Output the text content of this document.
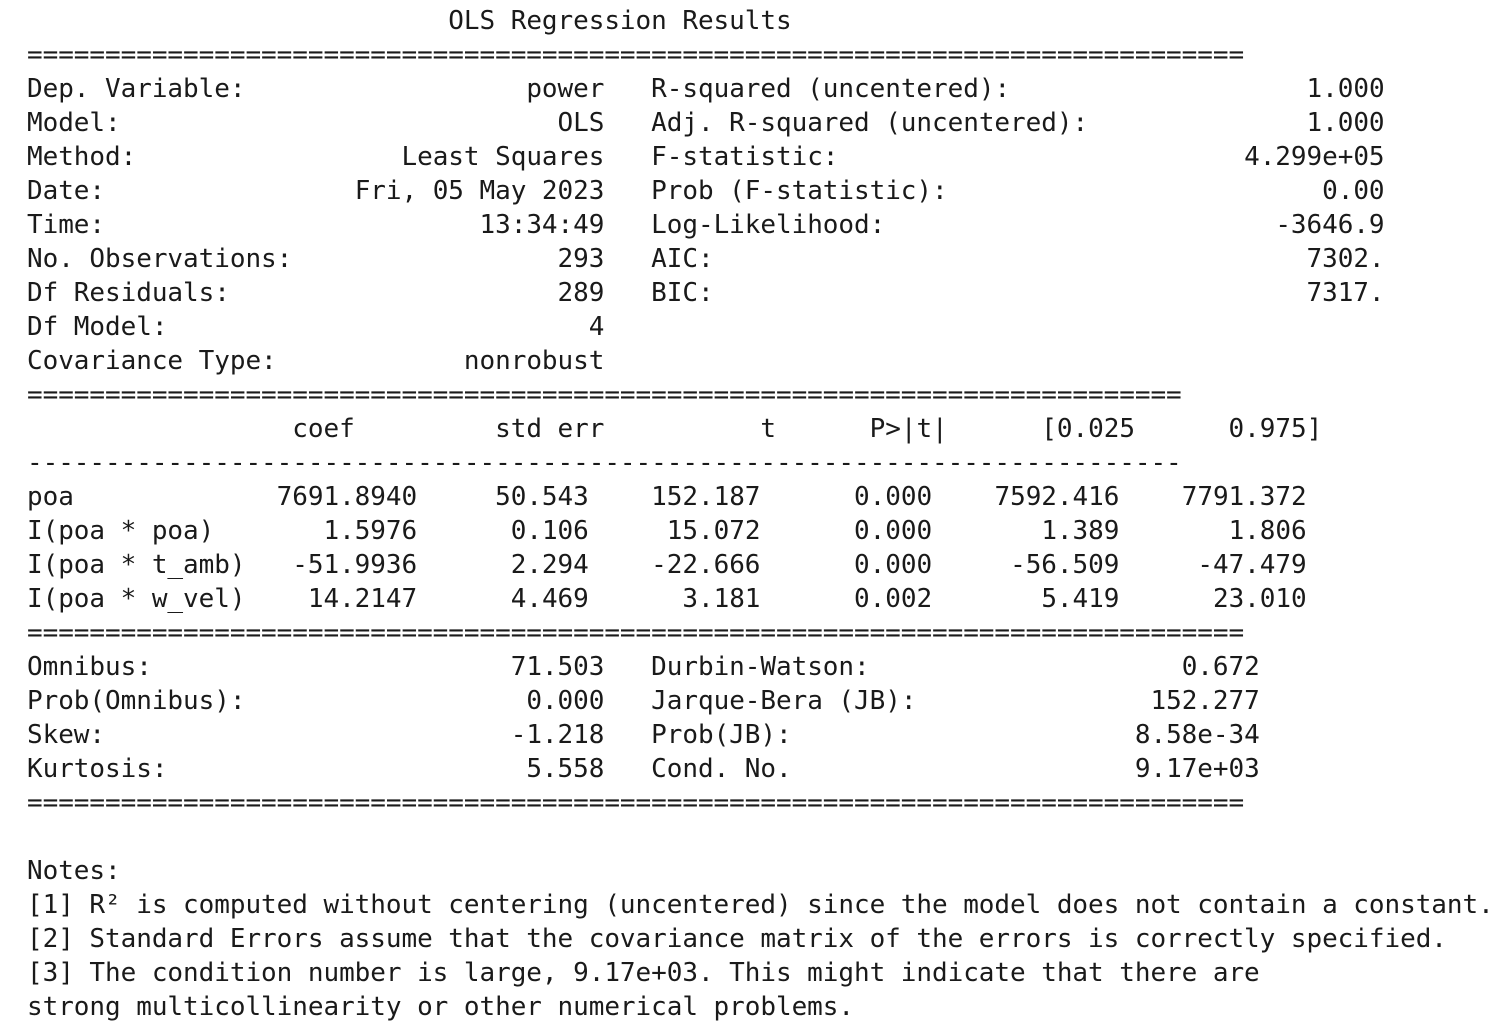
OLS Regression Results
==============================================================================
Dep. Variable:	power R-squared (uncentered):	1.000
Model:	OLS Adj. R-squared (uncentered):	1.000
Method:	Least Squares F-statistic:	4.299e+05
Date:	Fri, 05 May 2023 Prob (F-statistic):	0.00
Time:	13:34:49 Log-Likelihood:	-3646.9
No. Observations:	293 AIC:	7302.
Df Residuals:	289 BIC:	7317.
Df Model:	4
Covariance Type:	nonrobust
==========================================================================
coef	std err	t	P>|t|	[0.025	0.975]
--------------------------------------------------------------------------
poa	7691.8940	50.543 152.187	0.000 7592.416 7791.372
I(poa * poa)	1.5976	0.106	15.072	0.000	1.389	1.806
I(poa * t_amb) -51.9936	2.294 -22.666	0.000	-56.509	-47.479
I(poa * w_vel) 14.2147	4.469	3.181	0.002	5.419	23.010
==============================================================================
Omnibus:	71.503 Durbin-Watson:	0.672
Prob(Omnibus):	0.000 Jarque-Bera (JB):	152.277
Skew:	-1.218 Prob(JB):	8.58e-34
Kurtosis:	5.558 Cond. No.	9.17e+03
==============================================================================

Notes:
[1] R² is computed without centering (uncentered) since the model does not contain a constant.
[2] Standard Errors assume that the covariance matrix of the errors is correctly specified.
[3] The condition number is large, 9.17e+03. This might indicate that there are
strong multicollinearity or other numerical problems.
